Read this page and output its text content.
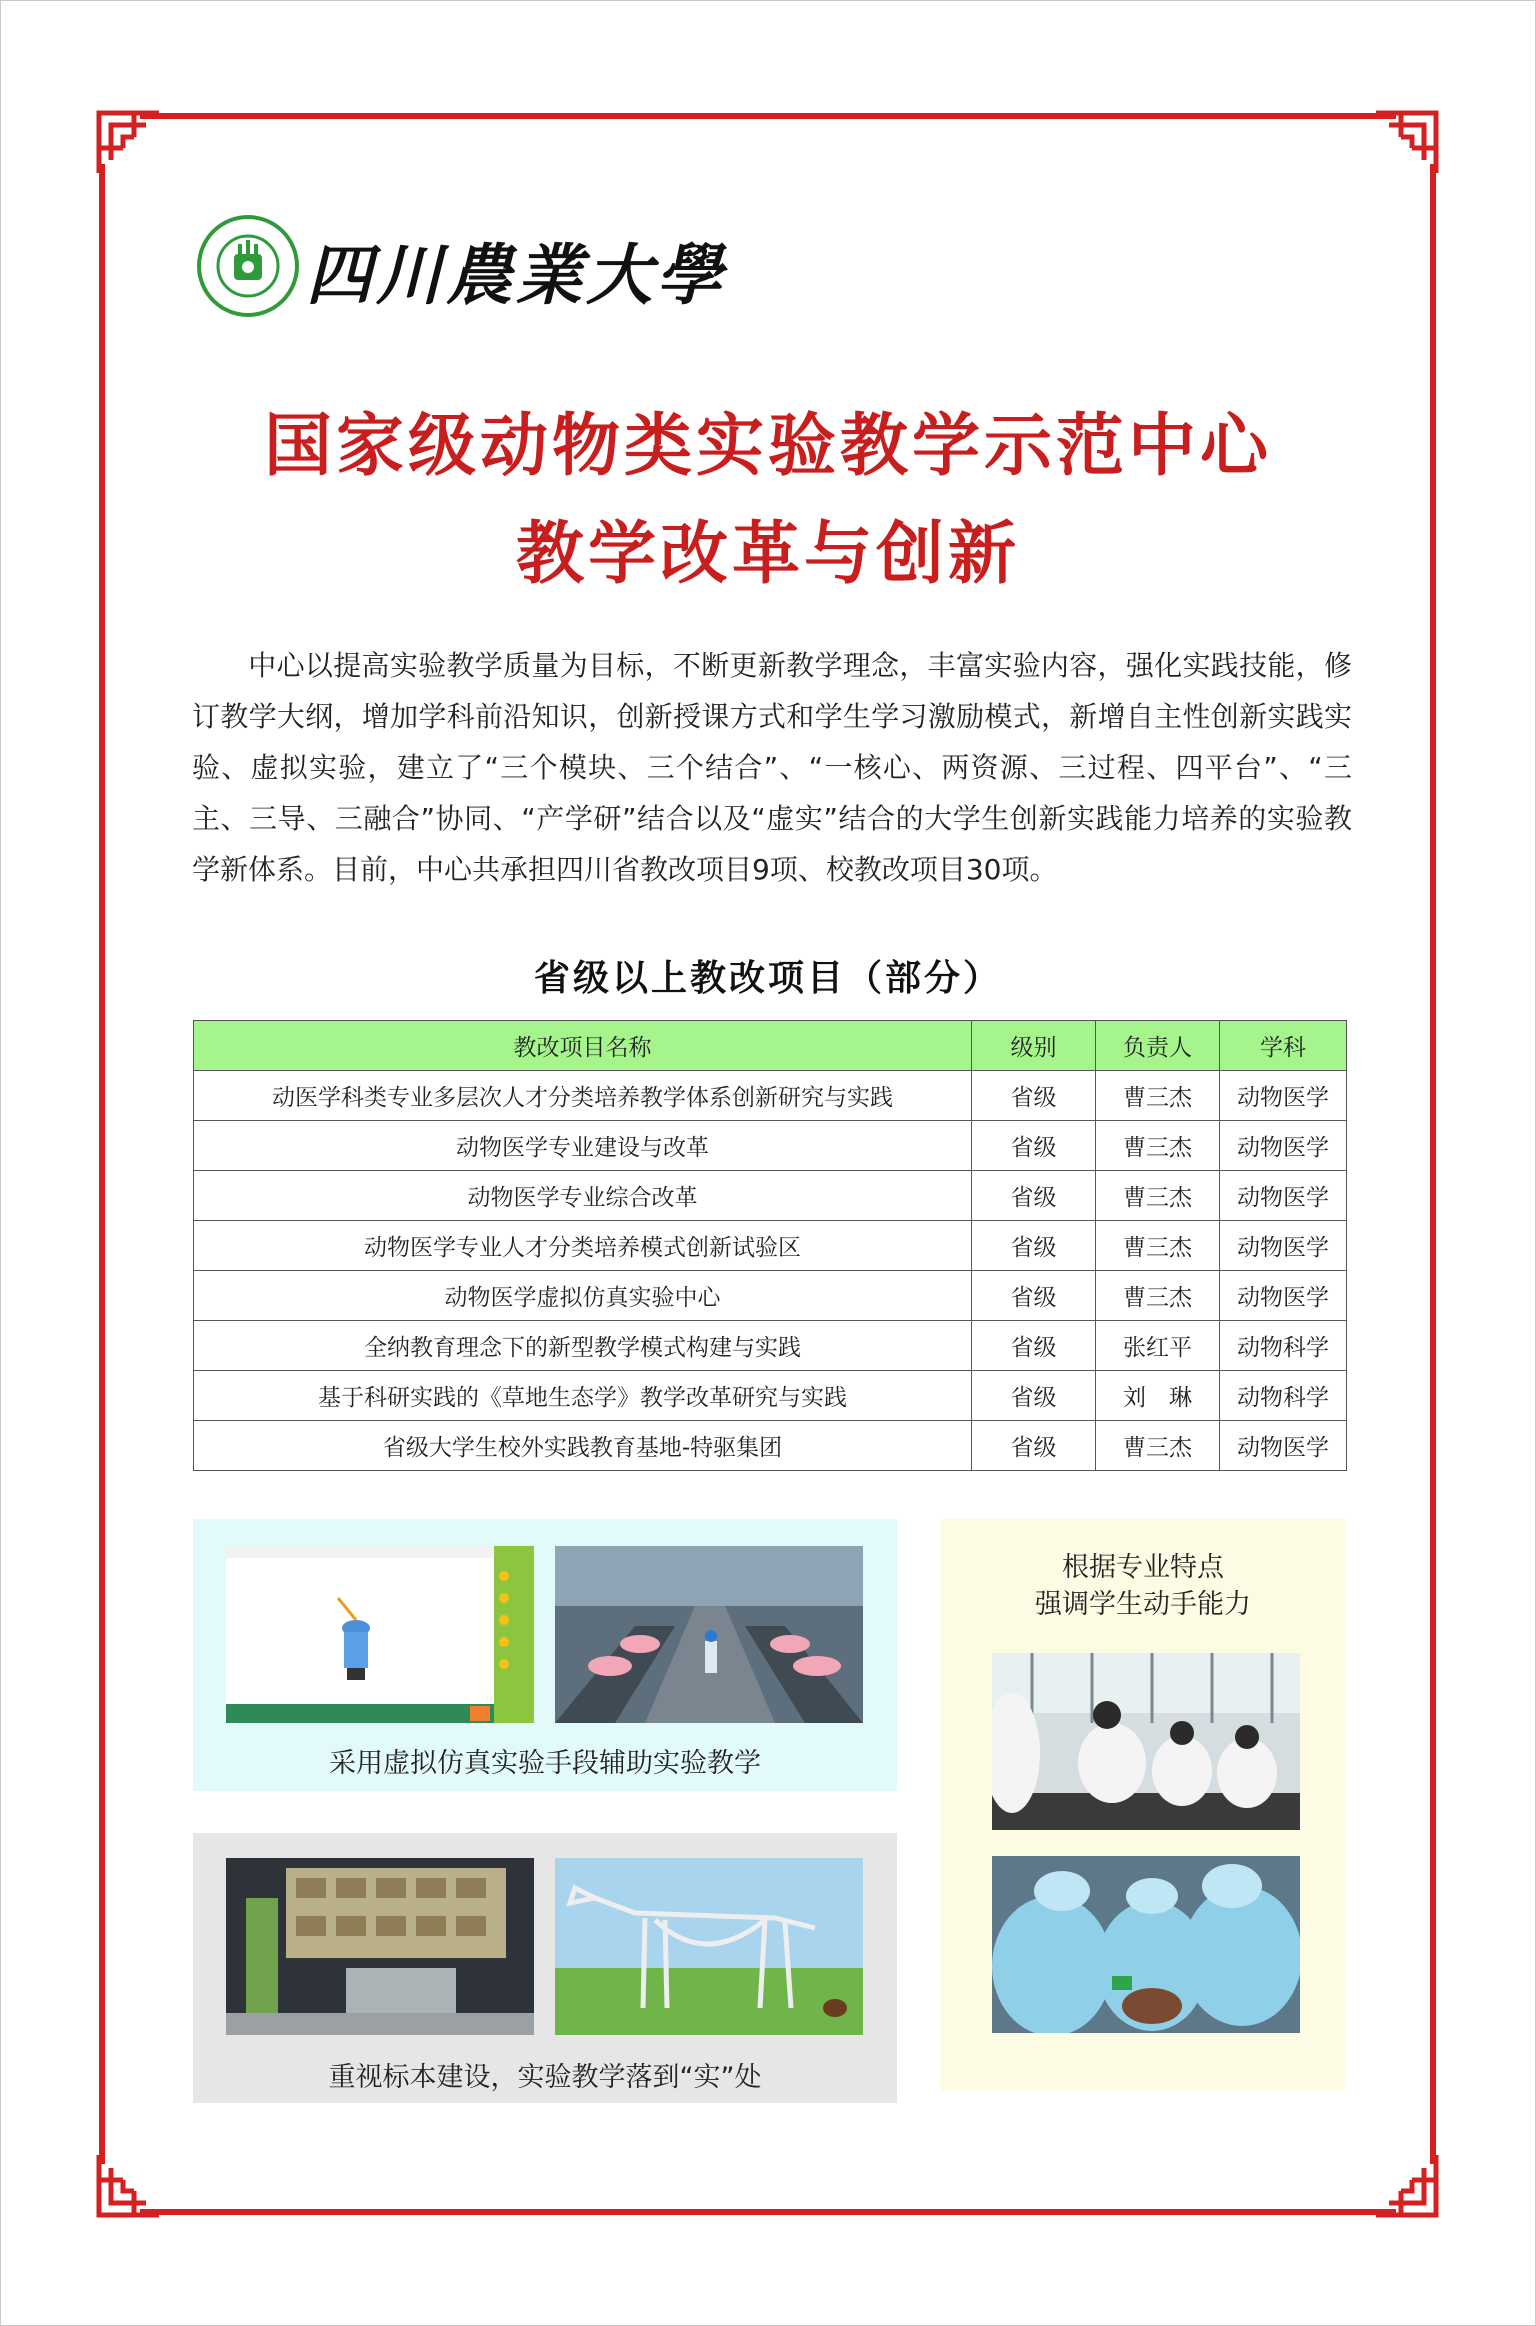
四川農業大學
国家级动物类实验教学示范中心
教学改革与创新
中心以提高实验教学质量为目标，不断更新教学理念，丰富实验内容，强化实践技能，修订教学大纲，增加学科前沿知识，创新授课方式和学生学习激励模式，新增自主性创新实践实验、虚拟实验，建立了“三个模块、三个结合”、“一核心、两资源、三过程、四平台”、“三主、三导、三融合”协同、“产学研”结合以及“虚实”结合的大学生创新实践能力培养的实验教学新体系。目前，中心共承担四川省教改项目9项、校教改项目30项。
省级以上教改项目（部分）
教改项目名称	级别	负责人	学科
动医学科类专业多层次人才分类培养教学体系创新研究与实践	省级	曹三杰	动物医学
动物医学专业建设与改革	省级	曹三杰	动物医学
动物医学专业综合改革	省级	曹三杰	动物医学
动物医学专业人才分类培养模式创新试验区	省级	曹三杰	动物医学
动物医学虚拟仿真实验中心	省级	曹三杰	动物医学
全纳教育理念下的新型教学模式构建与实践	省级	张红平	动物科学
基于科研实践的《草地生态学》教学改革研究与实践	省级	刘　琳	动物科学
省级大学生校外实践教育基地-特驱集团	省级	曹三杰	动物医学
采用虚拟仿真实验手段辅助实验教学
重视标本建设，实验教学落到“实”处
根据专业特点
强调学生动手能力
